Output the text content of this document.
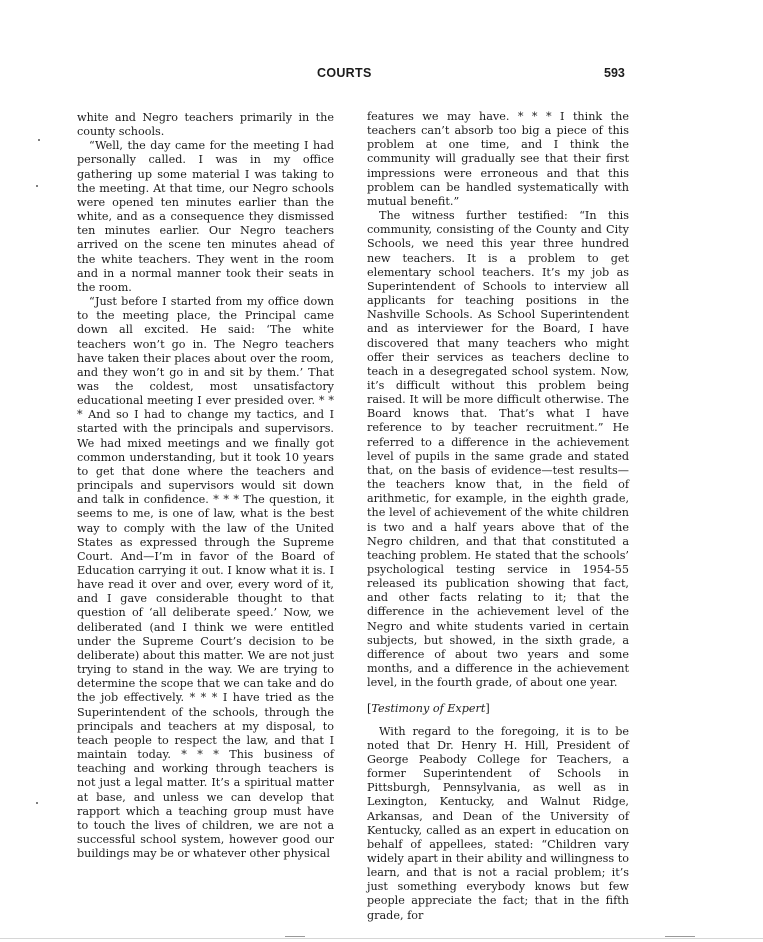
COURTS	593

white and Negro teachers primarily in the county schools.

“Well, the day came for the meeting I had personally called. I was in my office gathering up some material I was taking to the meeting. At that time, our Negro schools were opened ten minutes earlier than the white, and as a consequence they dismissed ten minutes earlier. Our Negro teachers arrived on the scene ten minutes ahead of the white teachers. They went in the room and in a normal manner took their seats in the room.

“Just before I started from my office down to the meeting place, the Principal came down all excited. He said: ‘The white teachers won’t go in. The Negro teachers have taken their places about over the room, and they won’t go in and sit by them.’ That was the coldest, most unsatisfactory educational meeting I ever presided over. * * * And so I had to change my tactics, and I started with the principals and supervisors. We had mixed meetings and we finally got common understanding, but it took 10 years to get that done where the teachers and principals and supervisors would sit down and talk in confidence. * * * The question, it seems to me, is one of law, what is the best way to comply with the law of the United States as expressed through the Supreme Court. And—I’m in favor of the Board of Education carrying it out. I know what it is. I have read it over and over, every word of it, and I gave considerable thought to that question of ‘all deliberate speed.’ Now, we deliberated (and I think we were entitled under the Supreme Court’s decision to be deliberate) about this matter. We are not just trying to stand in the way. We are trying to determine the scope that we can take and do the job effectively. * * * I have tried as the Superintendent of the schools, through the principals and teachers at my disposal, to teach people to respect the law, and that I maintain today. * * * This business of teaching and working through teachers is not just a legal matter. It’s a spiritual matter at base, and unless we can develop that rapport which a teaching group must have to touch the lives of children, we are not a successful school system, however good our buildings may be or whatever other physical

features we may have. * * * I think the teachers can’t absorb too big a piece of this problem at one time, and I think the community will gradually see that their first impressions were erroneous and that this problem can be handled systematically with mutual benefit.”

The witness further testified: “In this community, consisting of the County and City Schools, we need this year three hundred new teachers. It is a problem to get elementary school teachers. It’s my job as Superintendent of Schools to interview all applicants for teaching positions in the Nashville Schools. As School Superintendent and as interviewer for the Board, I have discovered that many teachers who might offer their services as teachers decline to teach in a desegregated school system. Now, it’s difficult without this problem being raised. It will be more difficult otherwise. The Board knows that. That’s what I have reference to by teacher recruitment.” He referred to a difference in the achievement level of pupils in the same grade and stated that, on the basis of evidence—test results—the teachers know that, in the field of arithmetic, for example, in the eighth grade, the level of achievement of the white children is two and a half years above that of the Negro children, and that that constituted a teaching problem. He stated that the schools’ psychological testing service in 1954-55 released its publication showing that fact, and other facts relating to it; that the difference in the achievement level of the Negro and white students varied in certain subjects, but showed, in the sixth grade, a difference of about two years and some months, and a difference in the achievement level, in the fourth grade, of about one year.

[Testimony of Expert]

With regard to the foregoing, it is to be noted that Dr. Henry H. Hill, President of George Peabody College for Teachers, a former Superintendent of Schools in Pittsburgh, Pennsylvania, as well as in Lexington, Kentucky, and Walnut Ridge, Arkansas, and Dean of the University of Kentucky, called as an expert in education on behalf of appellees, stated: “Children vary widely apart in their ability and willingness to learn, and that is not a racial problem; it’s just something everybody knows but few people appreciate the fact; that in the fifth grade, for
